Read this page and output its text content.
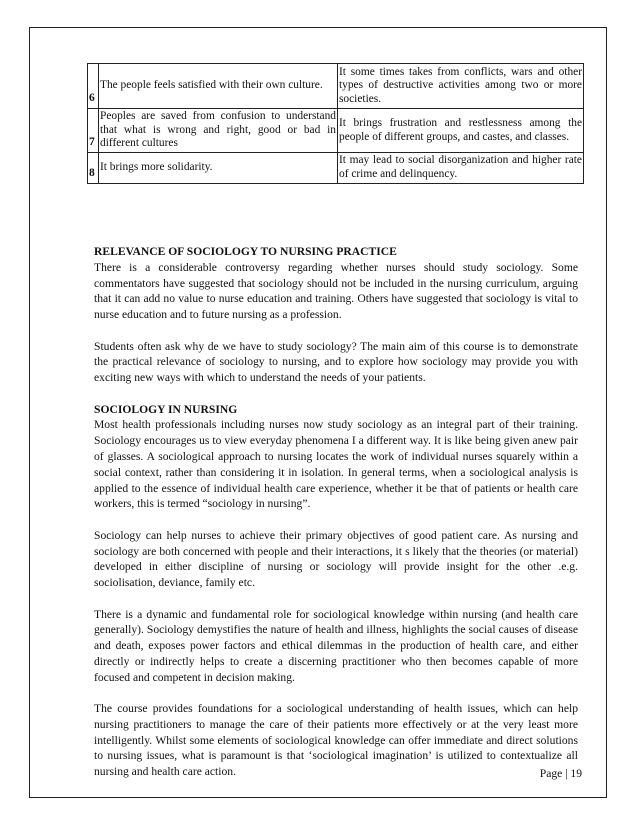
6	The people feels satisfied with their own culture.	It some times takes from conflicts, wars and other types of destructive activities among two or more societies.
7	Peoples are saved from confusion to understand that what is wrong and right, good or bad in different cultures	It brings frustration and restlessness among the people of different groups, and castes, and classes.
8	It brings more solidarity.	It may lead to social disorganization and higher rate of crime and delinquency.
RELEVANCE OF SOCIOLOGY TO NURSING PRACTICE

There is a considerable controversy regarding whether nurses should study sociology. Some commentators have suggested that sociology should not be included in the nursing curriculum, arguing that it can add no value to nurse education and training. Others have suggested that sociology is vital to nurse education and to future nursing as a profession.

Students often ask why de we have to study sociology? The main aim of this course is to demonstrate the practical relevance of sociology to nursing, and to explore how sociology may provide you with exciting new ways with which to understand the needs of your patients.

SOCIOLOGY IN NURSING

Most health professionals including nurses now study sociology as an integral part of their training. Sociology encourages us to view everyday phenomena I a different way. It is like being given anew pair of glasses. A sociological approach to nursing locates the work of individual nurses squarely within a social context, rather than considering it in isolation. In general terms, when a sociological analysis is applied to the essence of individual health care experience, whether it be that of patients or health care workers, this is termed “sociology in nursing”.

Sociology can help nurses to achieve their primary objectives of good patient care. As nursing and sociology are both concerned with people and their interactions, it s likely that the theories (or material) developed in either discipline of nursing or sociology will provide insight for the other .e.g. sociolisation, deviance, family etc.

There is a dynamic and fundamental role for sociological knowledge within nursing (and health care generally). Sociology demystifies the nature of health and illness, highlights the social causes of disease and death, exposes power factors and ethical dilemmas in the production of health care, and either directly or indirectly helps to create a discerning practitioner who then becomes capable of more focused and competent in decision making.

The course provides foundations for a sociological understanding of health issues, which can help nursing practitioners to manage the care of their patients more effectively or at the very least more intelligently. Whilst some elements of sociological knowledge can offer immediate and direct solutions to nursing issues, what is paramount is that ‘sociological imagination’ is utilized to contextualize all nursing and health care action.	Page | 19
